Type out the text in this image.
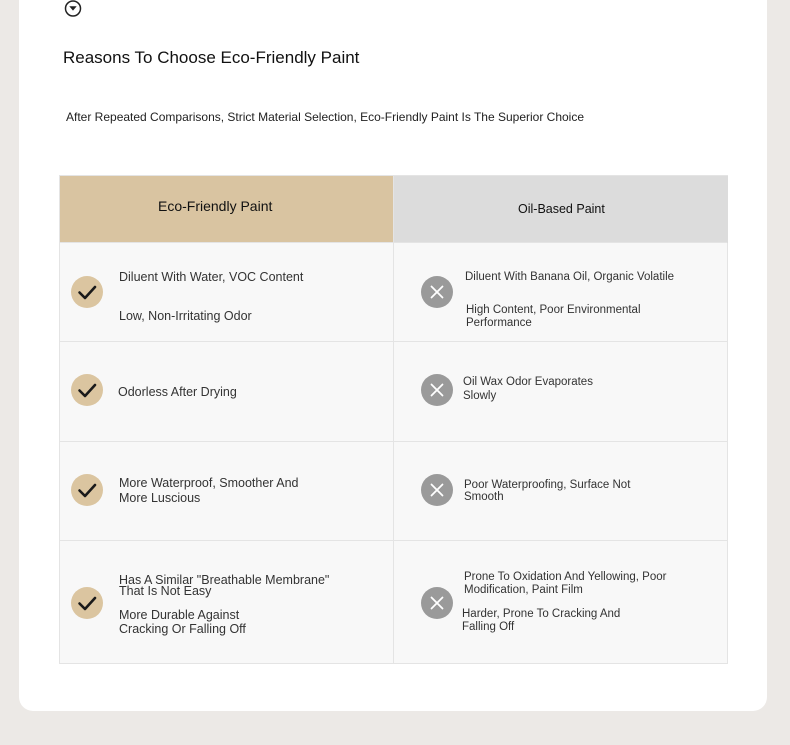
Reasons To Choose Eco-Friendly Paint
After Repeated Comparisons, Strict Material Selection, Eco-Friendly Paint Is The Superior Choice
Eco-Friendly Paint	Oil-Based Paint
Diluent With Water, VOC Content
Low, Non-Irritating Odor
Diluent With Banana Oil, Organic Volatile
High Content, Poor Environmental
Performance
Odorless After Drying
Oil Wax Odor Evaporates
Slowly
More Waterproof, Smoother And
More Luscious
Poor Waterproofing, Surface Not
Smooth
Has A Similar "Breathable Membrane"
That Is Not Easy
More Durable Against
Cracking Or Falling Off
Prone To Oxidation And Yellowing, Poor
Modification, Paint Film
Harder, Prone To Cracking And
Falling Off
